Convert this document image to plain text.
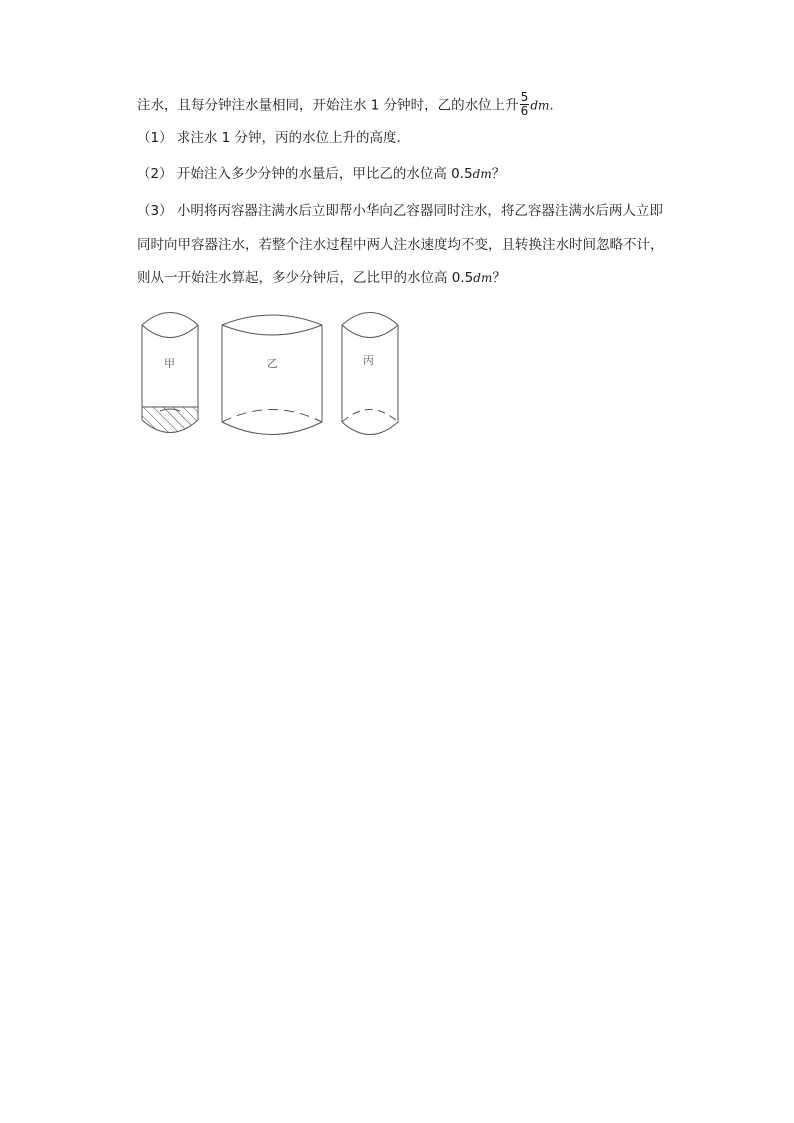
注水，且每分钟注水量相同，开始注水 1 分钟时，乙的水位上升 $\frac{5}{6}$ dm.
（1） 求注水 1 分钟，丙的水位上升的高度.
（2） 开始注入多少分钟的水量后，甲比乙的水位高 0.5dm？
（3） 小明将丙容器注满水后立即帮小华向乙容器同时注水，将乙容器注满水后两人立即
同时向甲容器注水，若整个注水过程中两人注水速度均不变，且转换注水时间忽略不计，
则从一开始注水算起，多少分钟后，乙比甲的水位高 0.5dm？
甲	乙	丙
